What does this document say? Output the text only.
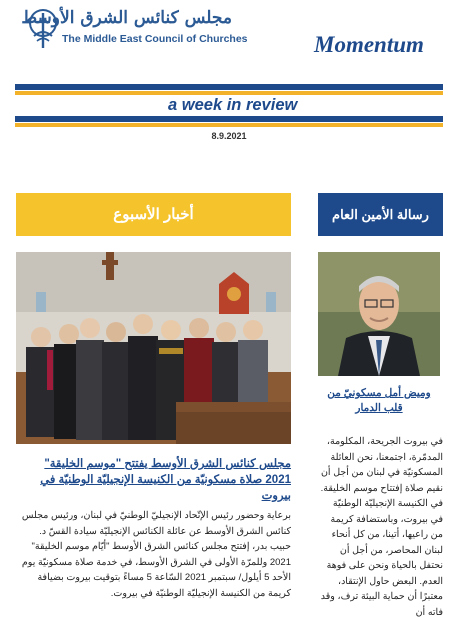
مجلس كنائس الشرق الأوسط
The Middle East Council of Churches	Momentum
a week in review
8.9.2021
أخبار الأسبوع	رسالة الأمين العام
مجلس كنائس الشرق الأوسط يفتتح "موسم الخليقة" 2021 صلاة مسكونيّة من الكنيسة الإنجيليّة الوطنيّة في بيروت
برعاية وحضور رئيس الإتّحاد الإنجيليّ الوطنيّ في لبنان، ورئيس مجلس كنائس الشرق الأوسط عن عائلة الكنائس الإنجيليّة سيادة القسّ د. حبيب بدر، إفتتح مجلس كنائس الشرق الأوسط "أيّام موسم الخليقة" 2021 وللمرّة الأولى في الشرق الأوسط، في خدمة صلاة مسكونيّة يوم الأحد 5 أيلول/ سبتمبر 2021 السّاعة 5 مساءً بتوقيت بيروت بضيافة كريمة من الكنيسة الإنجيليّة الوطنيّة في بيروت.
وميض أمل مسكونيّ من قلب الدمار
في بيروت الجريحة، المكلومة، المدمّرة، اجتمعنا، نحن العائلة المسكونيّة في لبنان من أجل أن نقيم صلاة إفتتاح موسم الخليقة. في الكنيسة الإنجيليّة الوطنيّة في بيروت، وباستضافة كريمة من راعيها، أتينا، من كل أنحاء لبنان المحاصر، من أجل أن نحتفل بالحياة ونحن على فوهة العدم. البعض حاول الإنتقاد، معتبرًا أن حماية البيئة ترف، وقد فاته أن
